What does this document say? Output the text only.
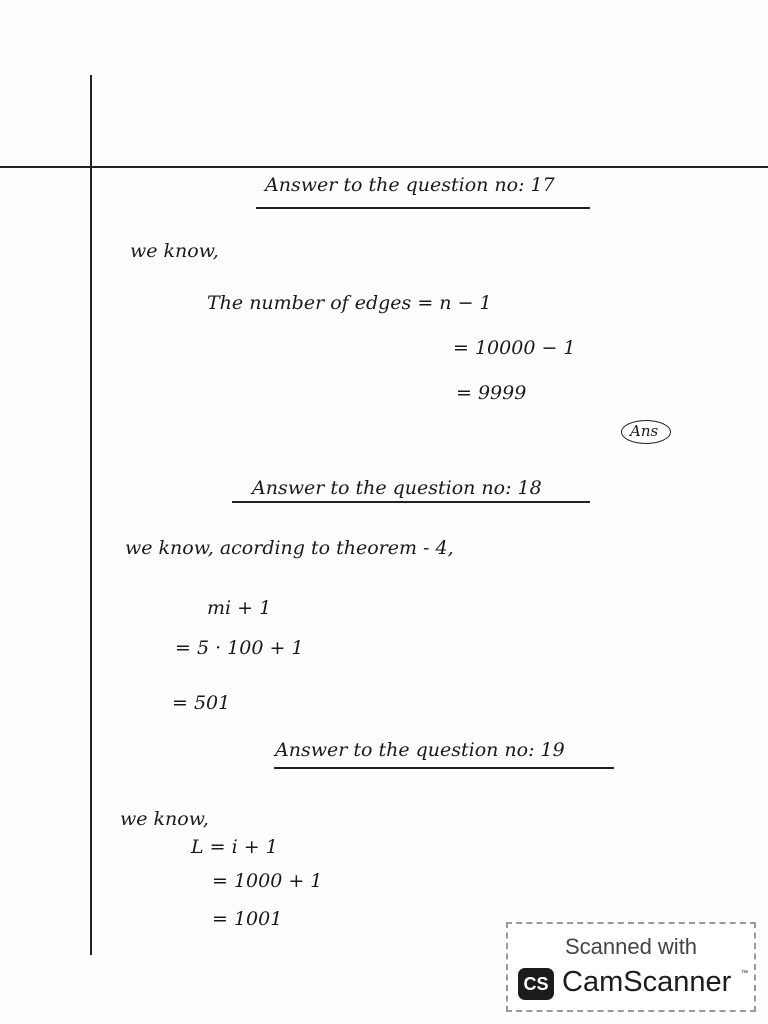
Answer to the question no: 17
we know,
The number of edges = n − 1
= 10000 − 1
= 9999
Ans
Answer to the question no: 18
we know, acording to theorem - 4,
mi + 1
= 5 · 100 + 1
= 501
Answer to the question no: 19
we know,
L = i + 1
= 1000 + 1
= 1001
Scanned with
CS CamScanner ™
